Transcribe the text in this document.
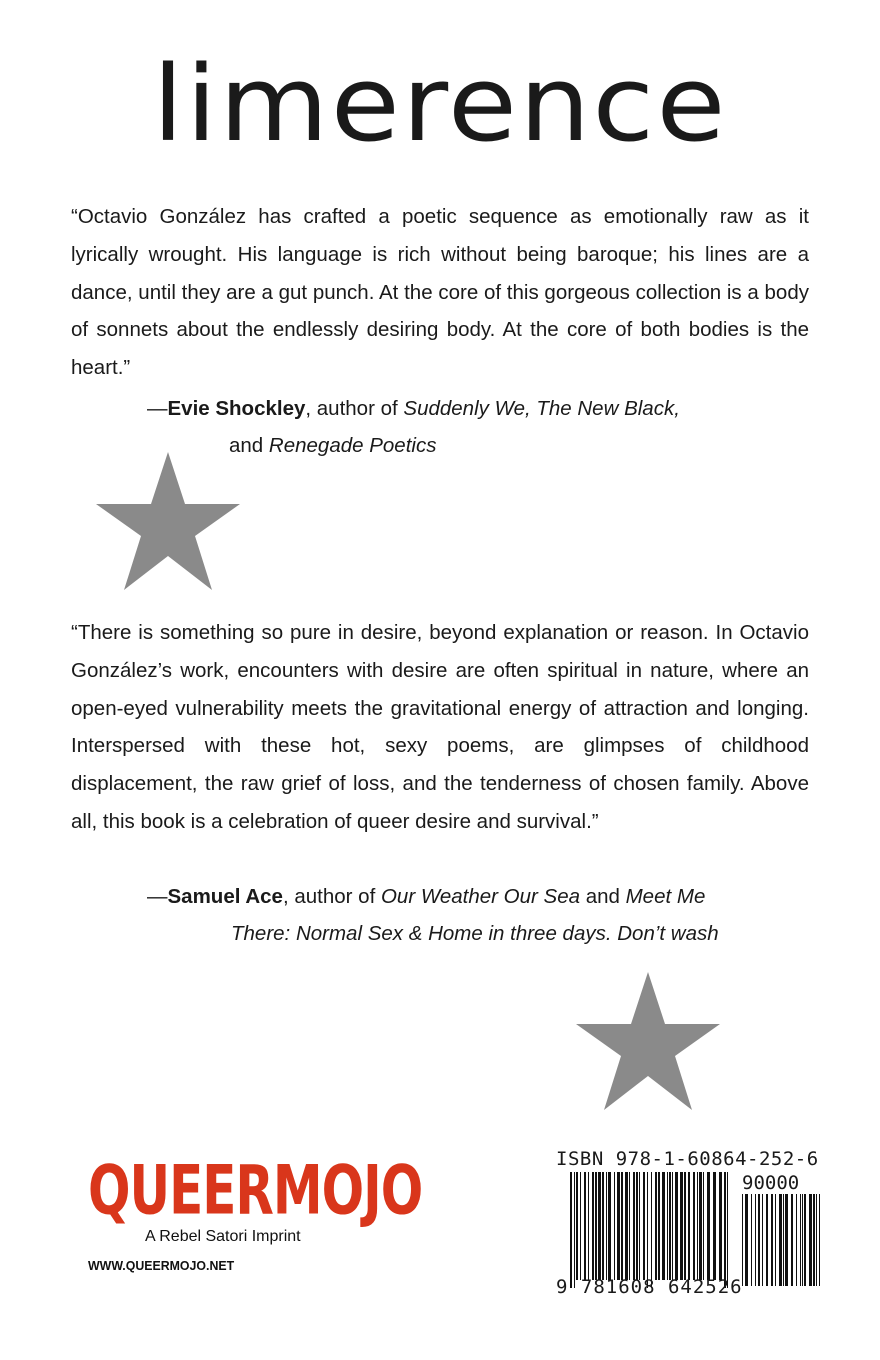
limerence

“Octavio González has crafted a poetic sequence as emotionally raw as it lyrically wrought. His language is rich without being baroque; his lines are a dance, until they are a gut punch. At the core of this gorgeous collection is a body of sonnets about the endlessly desiring body. At the core of both bodies is the heart.”

—Evie Shockley, author of Suddenly We, The New Black,
and Renegade Poetics

“There is something so pure in desire, beyond explanation or reason. In Octavio González’s work, encounters with desire are often spiritual in nature, where an open-eyed vulnerability meets the gravitational energy of attraction and longing. Interspersed with these hot, sexy poems, are glimpses of childhood displacement, the raw grief of loss, and the tenderness of chosen family. Above all, this book is a celebration of queer desire and survival.”

—Samuel Ace, author of Our Weather Our Sea and Meet Me
There: Normal Sex & Home in three days. Don’t wash

QUEERMOJO
A Rebel Satori Imprint
WWW.QUEERMOJO.NET
ISBN 978-1-60864-252-6
90000
9 781608 642526
